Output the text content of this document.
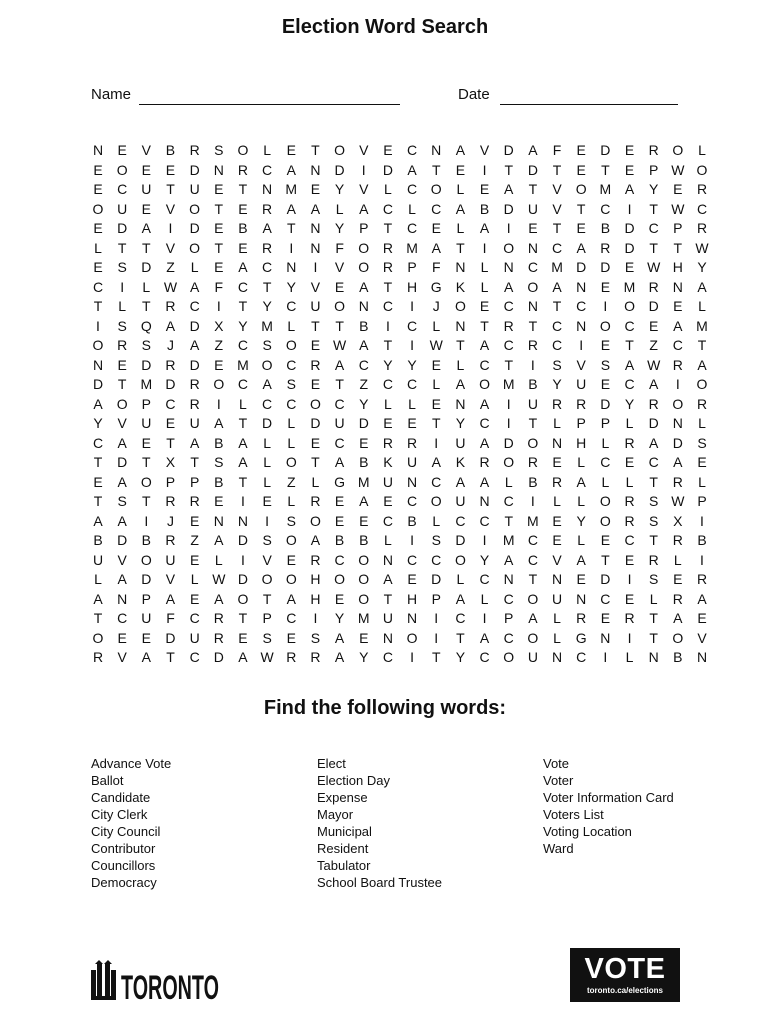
Election Word Search
Name	Date
N	E	V	B	R	S	O	L	E	T	O	V	E	C	N	A	V	D	A	F	E	D	E	R O	L
E	O	E	E	D	N	R	C	A	N	D	I	D	A	T	E	I	T	D	T	E	T	E	P W O
E	C	U	T	U	E	T	N M E	Y	V	L	C O	L	E	A	T	V	O M A	Y	E	R
O U	E	V	O	T	E	R	A	A	L	A	C	L	C	A	B	D	U	V	T	C	I	T W C
E	D	A	I	D	E	B	A	T	N	Y	P	T	C	E	L	A	I	E	T	E	B	D	C	P	R
L	T	T	V	O	T	E	R	I	N	F	O R M A	T	I	O N	C	A	R	D	T	T W
E	S	D	Z	L	E	A	C	N	I	V	O R	P	F	N	L	N	C M D	D	E W H	Y
C	I	L W A	F	C	T	Y	V	E	A	T	H G	K	L	A	O	A	N	E M R	N	A
T	L	T	R	C	I	T	Y	C	U O N	C	I	J	O	E	C	N	T	C	I	O D	E	L
I	S	Q	A	D	X	Y M	L	T	T	B	I	C	L	N	T	R	T	C	N O C	E	A M
O R	S	J	A	Z	C	S	O	E W A	T	I	W T	A	C	R	C	I	E	T	Z	C	T
N	E	D	R	D	E M O C	R	A	C	Y	Y	E	L	C	T	I	S	V	S	A W R	A
D	T	M D	R O C	A	S	E	T	Z	C	C	L	A	O M B	Y	U	E	C	A	I	O
A	O	P	C	R	I	L	C	C O C	Y	L	L	E	N	A	I	U	R	R	D	Y	R O R
Y	V	U	E	U	A	T	D	L	D	U	D	E	E	T	Y	C	I	T	L	P	P	L	D	N	L
C	A	E	T	A	B	A	L	L	E	C	E	R	R	I	U	A	D O N	H	L	R	A	D	S
T	D	T	X	T	S	A	L	O	T	A	B	K	U	A	K	R O R	E	L	C	E	C	A	E
E	A	O	P	P	B	T	L	Z	L	G M U	N	C	A	A	L	B	R	A	L	L	T	R	L
T	S	T	R	R	E	I	E	L	R	E	A	E	C O U	N	C	I	L	L	O R	S W P
A	A	I	J	E	N	N	I	S	O	E	E	C	B	L	C	C	T	M E	Y	O R	S	X	I
B	D	B	R	Z	A	D	S	O	A	B	B	L	I	S	D	I	M C	E	L	E	C	T	R	B
U	V	O U	E	L	I	V	E	R	C O N	C	C O	Y	A	C	V	A	T	E	R	L	I
L	A	D	V	L W D O O H O O	A	E	D	L	C	N	T	N	E	D	I	S	E	R
A	N	P	A	E	A	O	T	A	H	E	O	T	H	P	A	L	C O U	N	C	E	L	R	A
T	C	U	F	C	R	T	P	C	I	Y M U	N	I	C	I	P	A	L	R	E	R	T	A	E
O	E	E	D	U	R	E	S	E	S	A	E	N O	I	T	A	C O	L	G N	I	T	O	V
R	V	A	T	C	D	A W R	R	A	Y	C	I	T	Y	C O U	N	C	I	L	N	B	N
Find the following words:
Advance Vote
Ballot
Candidate
City Clerk
City Council
Contributor
Councillors
Democracy
Elect
Election Day
Expense
Mayor
Municipal
Resident
Tabulator
School Board Trustee
Vote
Voter
Voter Information Card
Voters List
Voting Location
Ward
TORONTO	VOTE
toronto.ca/elections
